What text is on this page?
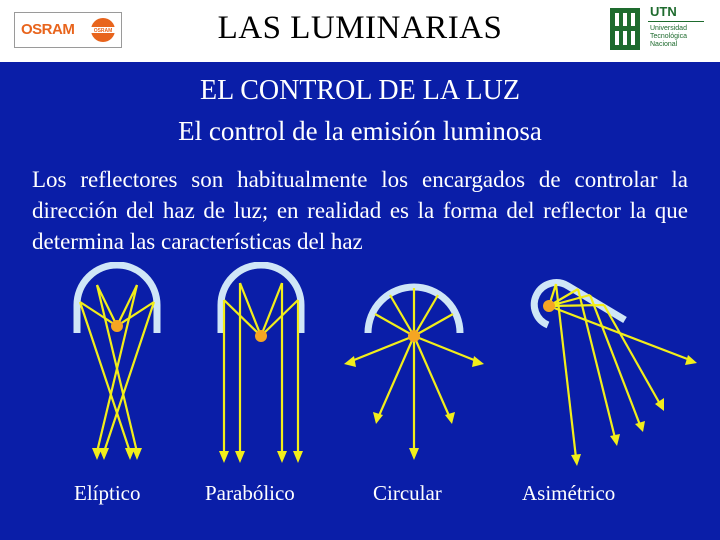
OSRAM	OSRAM	LAS LUMINARIAS	UTN
Universidad
Tecnológica
Nacional
EL CONTROL DE LA LUZ
El control de la emisión luminosa
Los reflectores son habitualmente los encargados de controlar la dirección del haz de luz; en realidad es la forma del reflector la que determina las características del haz
Elíptico	Parabólico	Circular	Asimétrico
